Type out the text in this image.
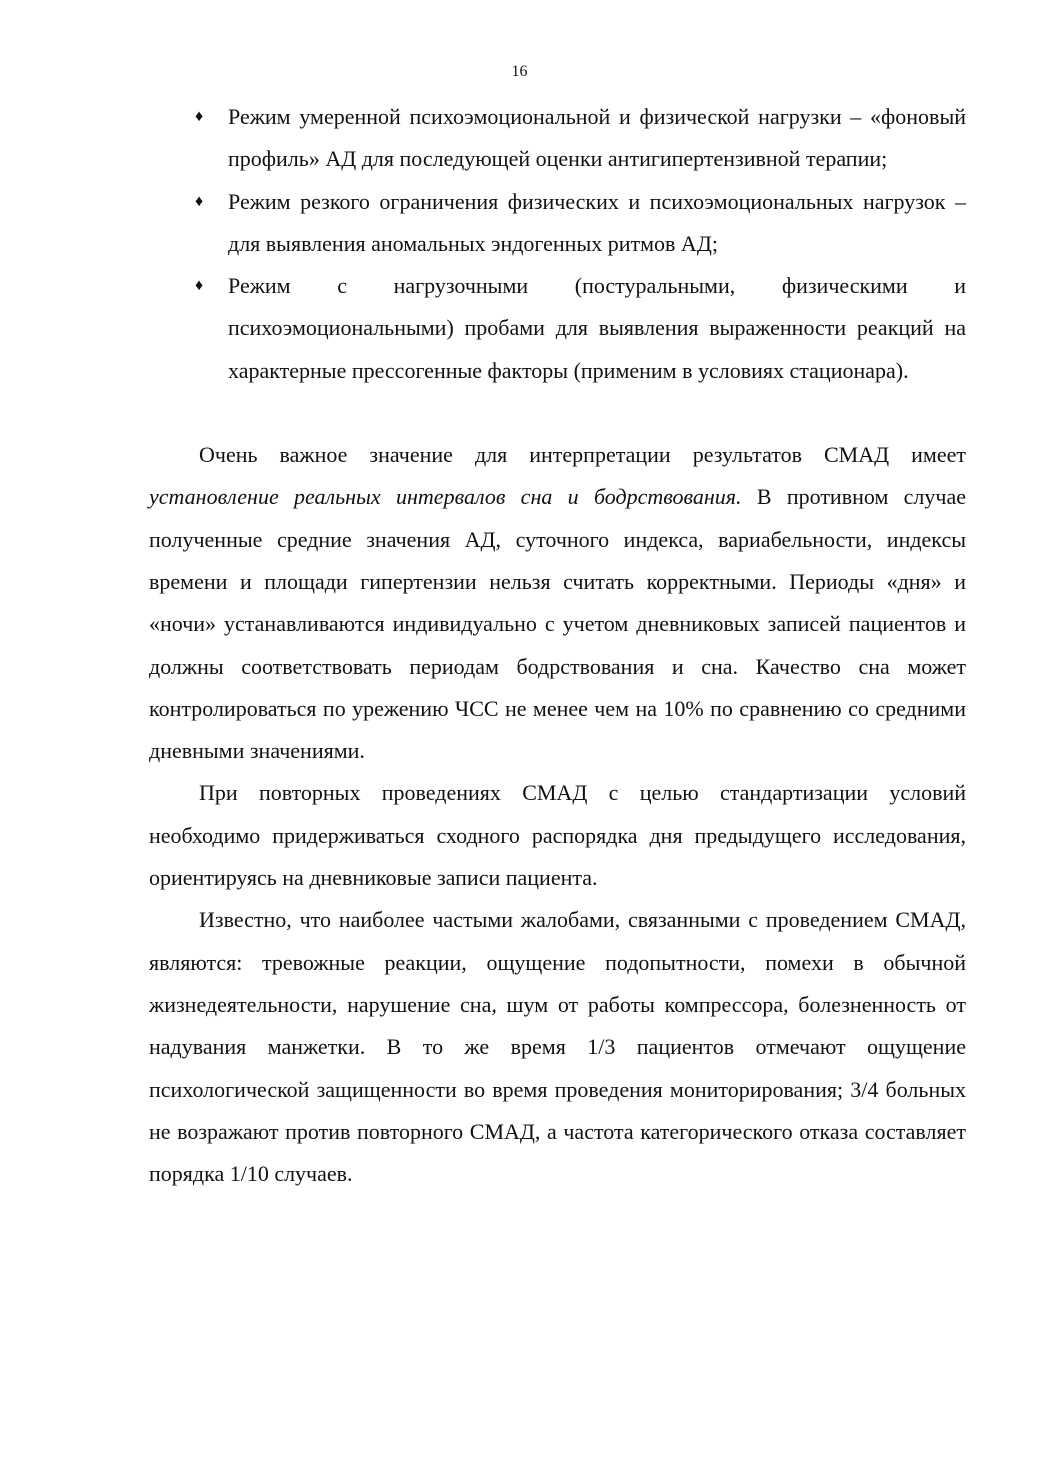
16
♦ Режим умеренной психоэмоциональной и физической нагрузки – «фоновый профиль» АД для последующей оценки антигипертензивной терапии;
♦ Режим резкого ограничения физических и психоэмоциональных нагрузок – для выявления аномальных эндогенных ритмов АД;
♦ Режим с нагрузочными (постуральными, физическими и психоэмоциональными) пробами для выявления выраженности реакций на характерные прессогенные факторы (применим в условиях стационара).

Очень важное значение для интерпретации результатов СМАД имеет установление реальных интервалов сна и бодрствования. В противном случае полученные средние значения АД, суточного индекса, вариабельности, индексы времени и площади гипертензии нельзя считать корректными. Периоды «дня» и «ночи» устанавливаются индивидуально с учетом дневниковых записей пациентов и должны соответствовать периодам бодрствования и сна. Качество сна может контролироваться по урежению ЧСС не менее чем на 10% по сравнению со средними дневными значениями.

При повторных проведениях СМАД с целью стандартизации условий необходимо придерживаться сходного распорядка дня предыдущего исследования, ориентируясь на дневниковые записи пациента.

Известно, что наиболее частыми жалобами, связанными с проведением СМАД, являются: тревожные реакции, ощущение подопытности, помехи в обычной жизнедеятельности, нарушение сна, шум от работы компрессора, болезненность от надувания манжетки. В то же время 1/3 пациентов отмечают ощущение психологической защищенности во время проведения мониторирования; 3/4 больных не возражают против повторного СМАД, а частота категорического отказа составляет порядка 1/10 случаев.
